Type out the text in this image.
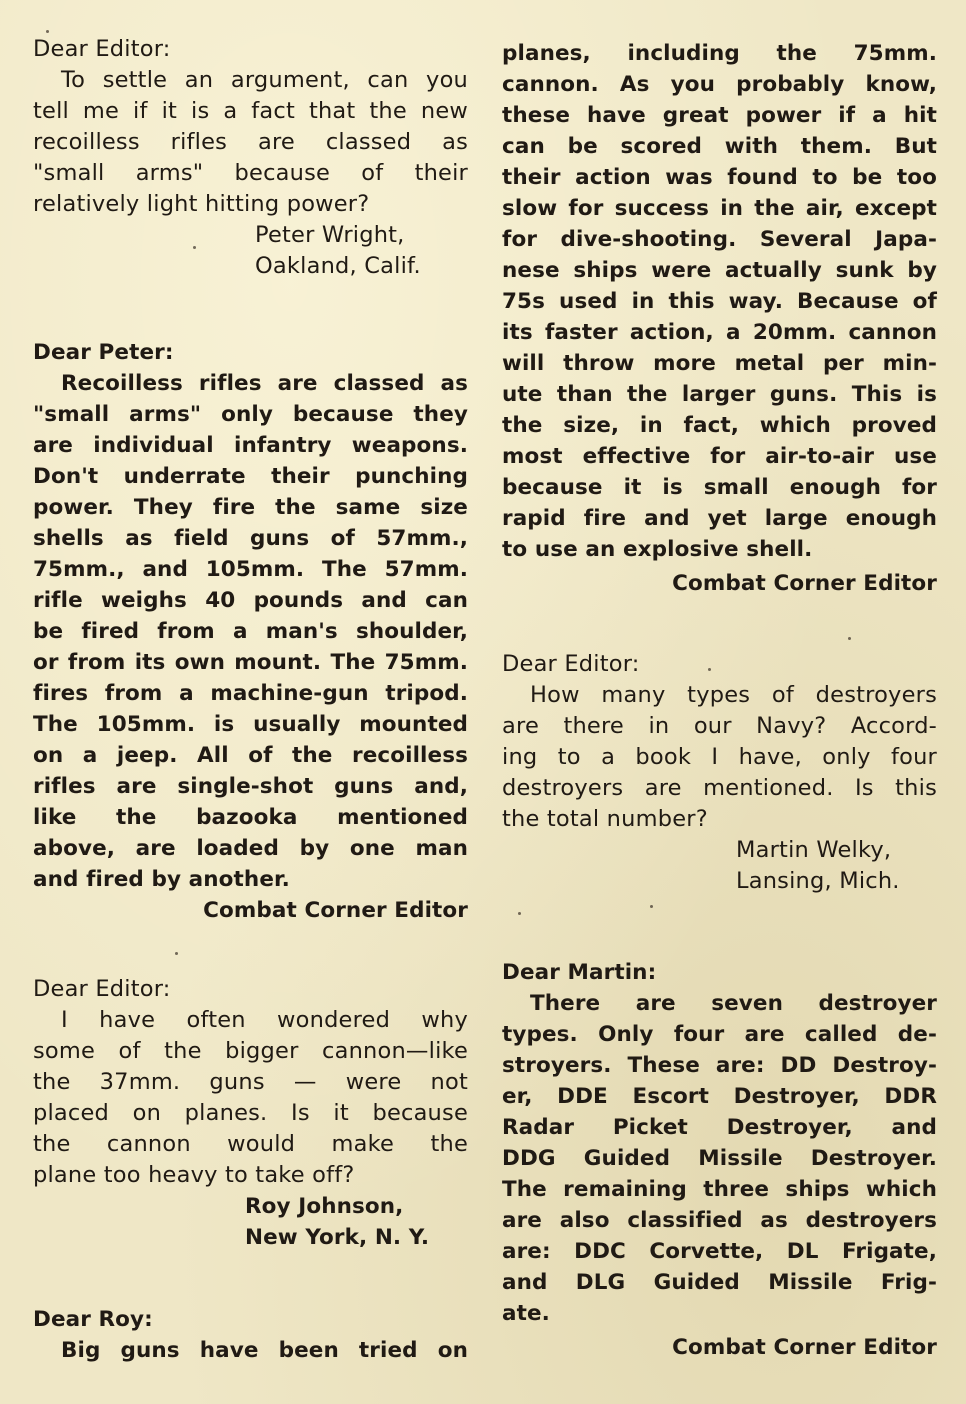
Dear Editor:
To settle an argument, can you
tell me if it is a fact that the new
recoilless rifles are classed as
"small arms" because of their
relatively light hitting power?
Peter Wright,
Oakland, Calif.
Dear Peter:
Recoilless rifles are classed as
"small arms" only because they
are individual infantry weapons.
Don't underrate their punching
power. They fire the same size
shells as field guns of 57mm.,
75mm., and 105mm. The 57mm.
rifle weighs 40 pounds and can
be fired from a man's shoulder,
or from its own mount. The 75mm.
fires from a machine-gun tripod.
The 105mm. is usually mounted
on a jeep. All of the recoilless
rifles are single-shot guns and,
like the bazooka mentioned
above, are loaded by one man
and fired by another.
Combat Corner Editor
Dear Editor:
I have often wondered why
some of the bigger cannon—like
the 37mm. guns — were not
placed on planes. Is it because
the cannon would make the
plane too heavy to take off?
Roy Johnson,
New York, N. Y.
Dear Roy:
Big guns have been tried on
planes, including the 75mm.
cannon. As you probably know,
these have great power if a hit
can be scored with them. But
their action was found to be too
slow for success in the air, except
for dive-shooting. Several Japa-
nese ships were actually sunk by
75s used in this way. Because of
its faster action, a 20mm. cannon
will throw more metal per min-
ute than the larger guns. This is
the size, in fact, which proved
most effective for air-to-air use
because it is small enough for
rapid fire and yet large enough
to use an explosive shell.
Combat Corner Editor
Dear Editor:
How many types of destroyers
are there in our Navy? Accord-
ing to a book I have, only four
destroyers are mentioned. Is this
the total number?
Martin Welky,
Lansing, Mich.
Dear Martin:
There are seven destroyer
types. Only four are called de-
stroyers. These are: DD Destroy-
er, DDE Escort Destroyer, DDR
Radar Picket Destroyer, and
DDG Guided Missile Destroyer.
The remaining three ships which
are also classified as destroyers
are: DDC Corvette, DL Frigate,
and DLG Guided Missile Frig-
ate.
Combat Corner Editor
